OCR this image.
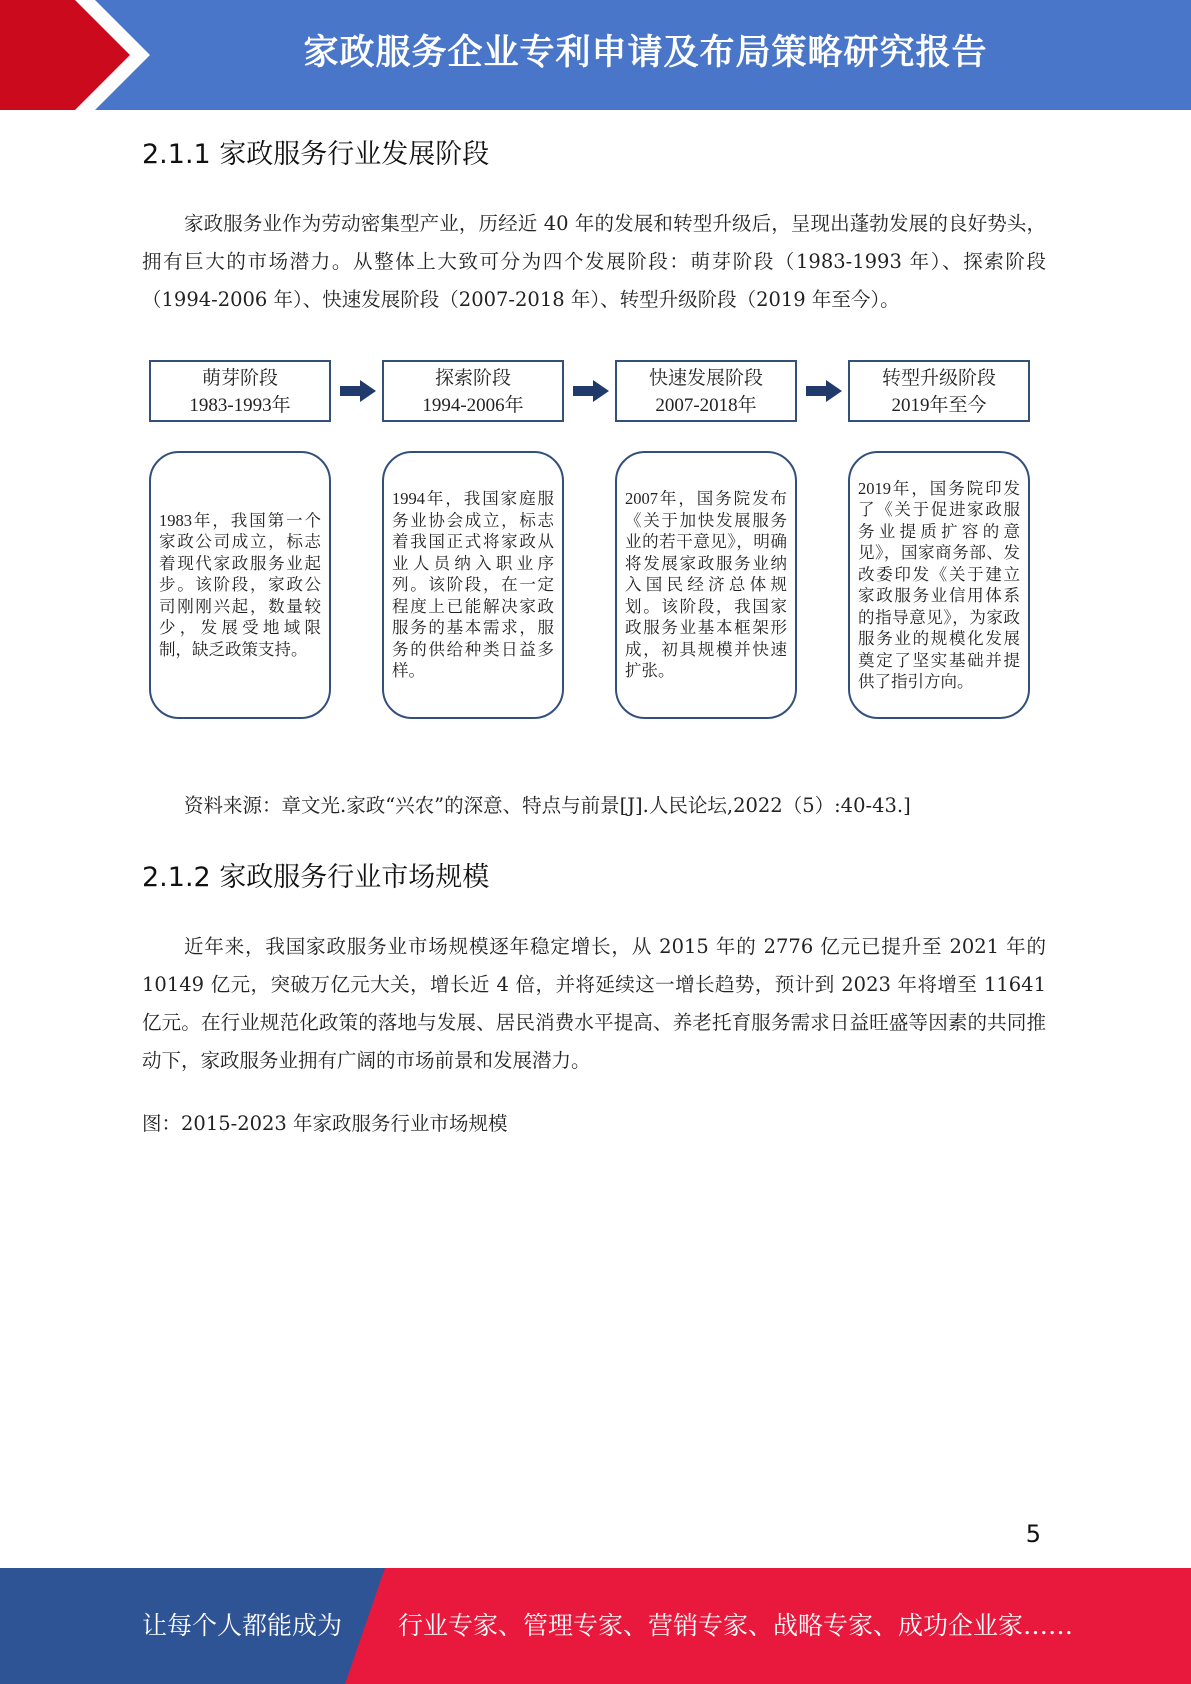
家政服务企业专利申请及布局策略研究报告
2.1.1 家政服务行业发展阶段

家政服务业作为劳动密集型产业，历经近 40 年的发展和转型升级后，呈现出蓬勃发展的良好势头，拥有巨大的市场潜力。从整体上大致可分为四个发展阶段：萌芽阶段（1983-1993 年）、探索阶段（1994-2006 年）、快速发展阶段（2007-2018 年）、转型升级阶段（2019 年至今）。

萌芽阶段
1983-1993年
探索阶段
1994-2006年
快速发展阶段
2007-2018年
转型升级阶段
2019年至今
1983年，我国第一个家政公司成立，标志着现代家政服务业起步。该阶段，家政公司刚刚兴起，数量较少，发展受地域限制，缺乏政策支持。
1994年，我国家庭服务业协会成立，标志着我国正式将家政从业人员纳入职业序列。该阶段，在一定程度上已能解决家政服务的基本需求，服务的供给种类日益多样。
2007年，国务院发布《关于加快发展服务业的若干意见》，明确将发展家政服务业纳入国民经济总体规划。该阶段，我国家政服务业基本框架形成，初具规模并快速扩张。
2019年，国务院印发了《关于促进家政服务业提质扩容的意见》，国家商务部、发改委印发《关于建立家政服务业信用体系的指导意见》，为家政服务业的规模化发展奠定了坚实基础并提供了指引方向。

资料来源：章文光.家政“兴农”的深意、特点与前景[J].人民论坛,2022（5）:40-43.]

2.1.2 家政服务行业市场规模

近年来，我国家政服务业市场规模逐年稳定增长，从 2015 年的 2776 亿元已提升至 2021 年的 10149 亿元，突破万亿元大关，增长近 4 倍，并将延续这一增长趋势，预计到 2023 年将增至 11641 亿元。在行业规范化政策的落地与发展、居民消费水平提高、养老托育服务需求日益旺盛等因素的共同推动下，家政服务业拥有广阔的市场前景和发展潜力。

图：2015-2023 年家政服务行业市场规模

5
让每个人都能成为 行业专家、管理专家、营销专家、战略专家、成功企业家……
